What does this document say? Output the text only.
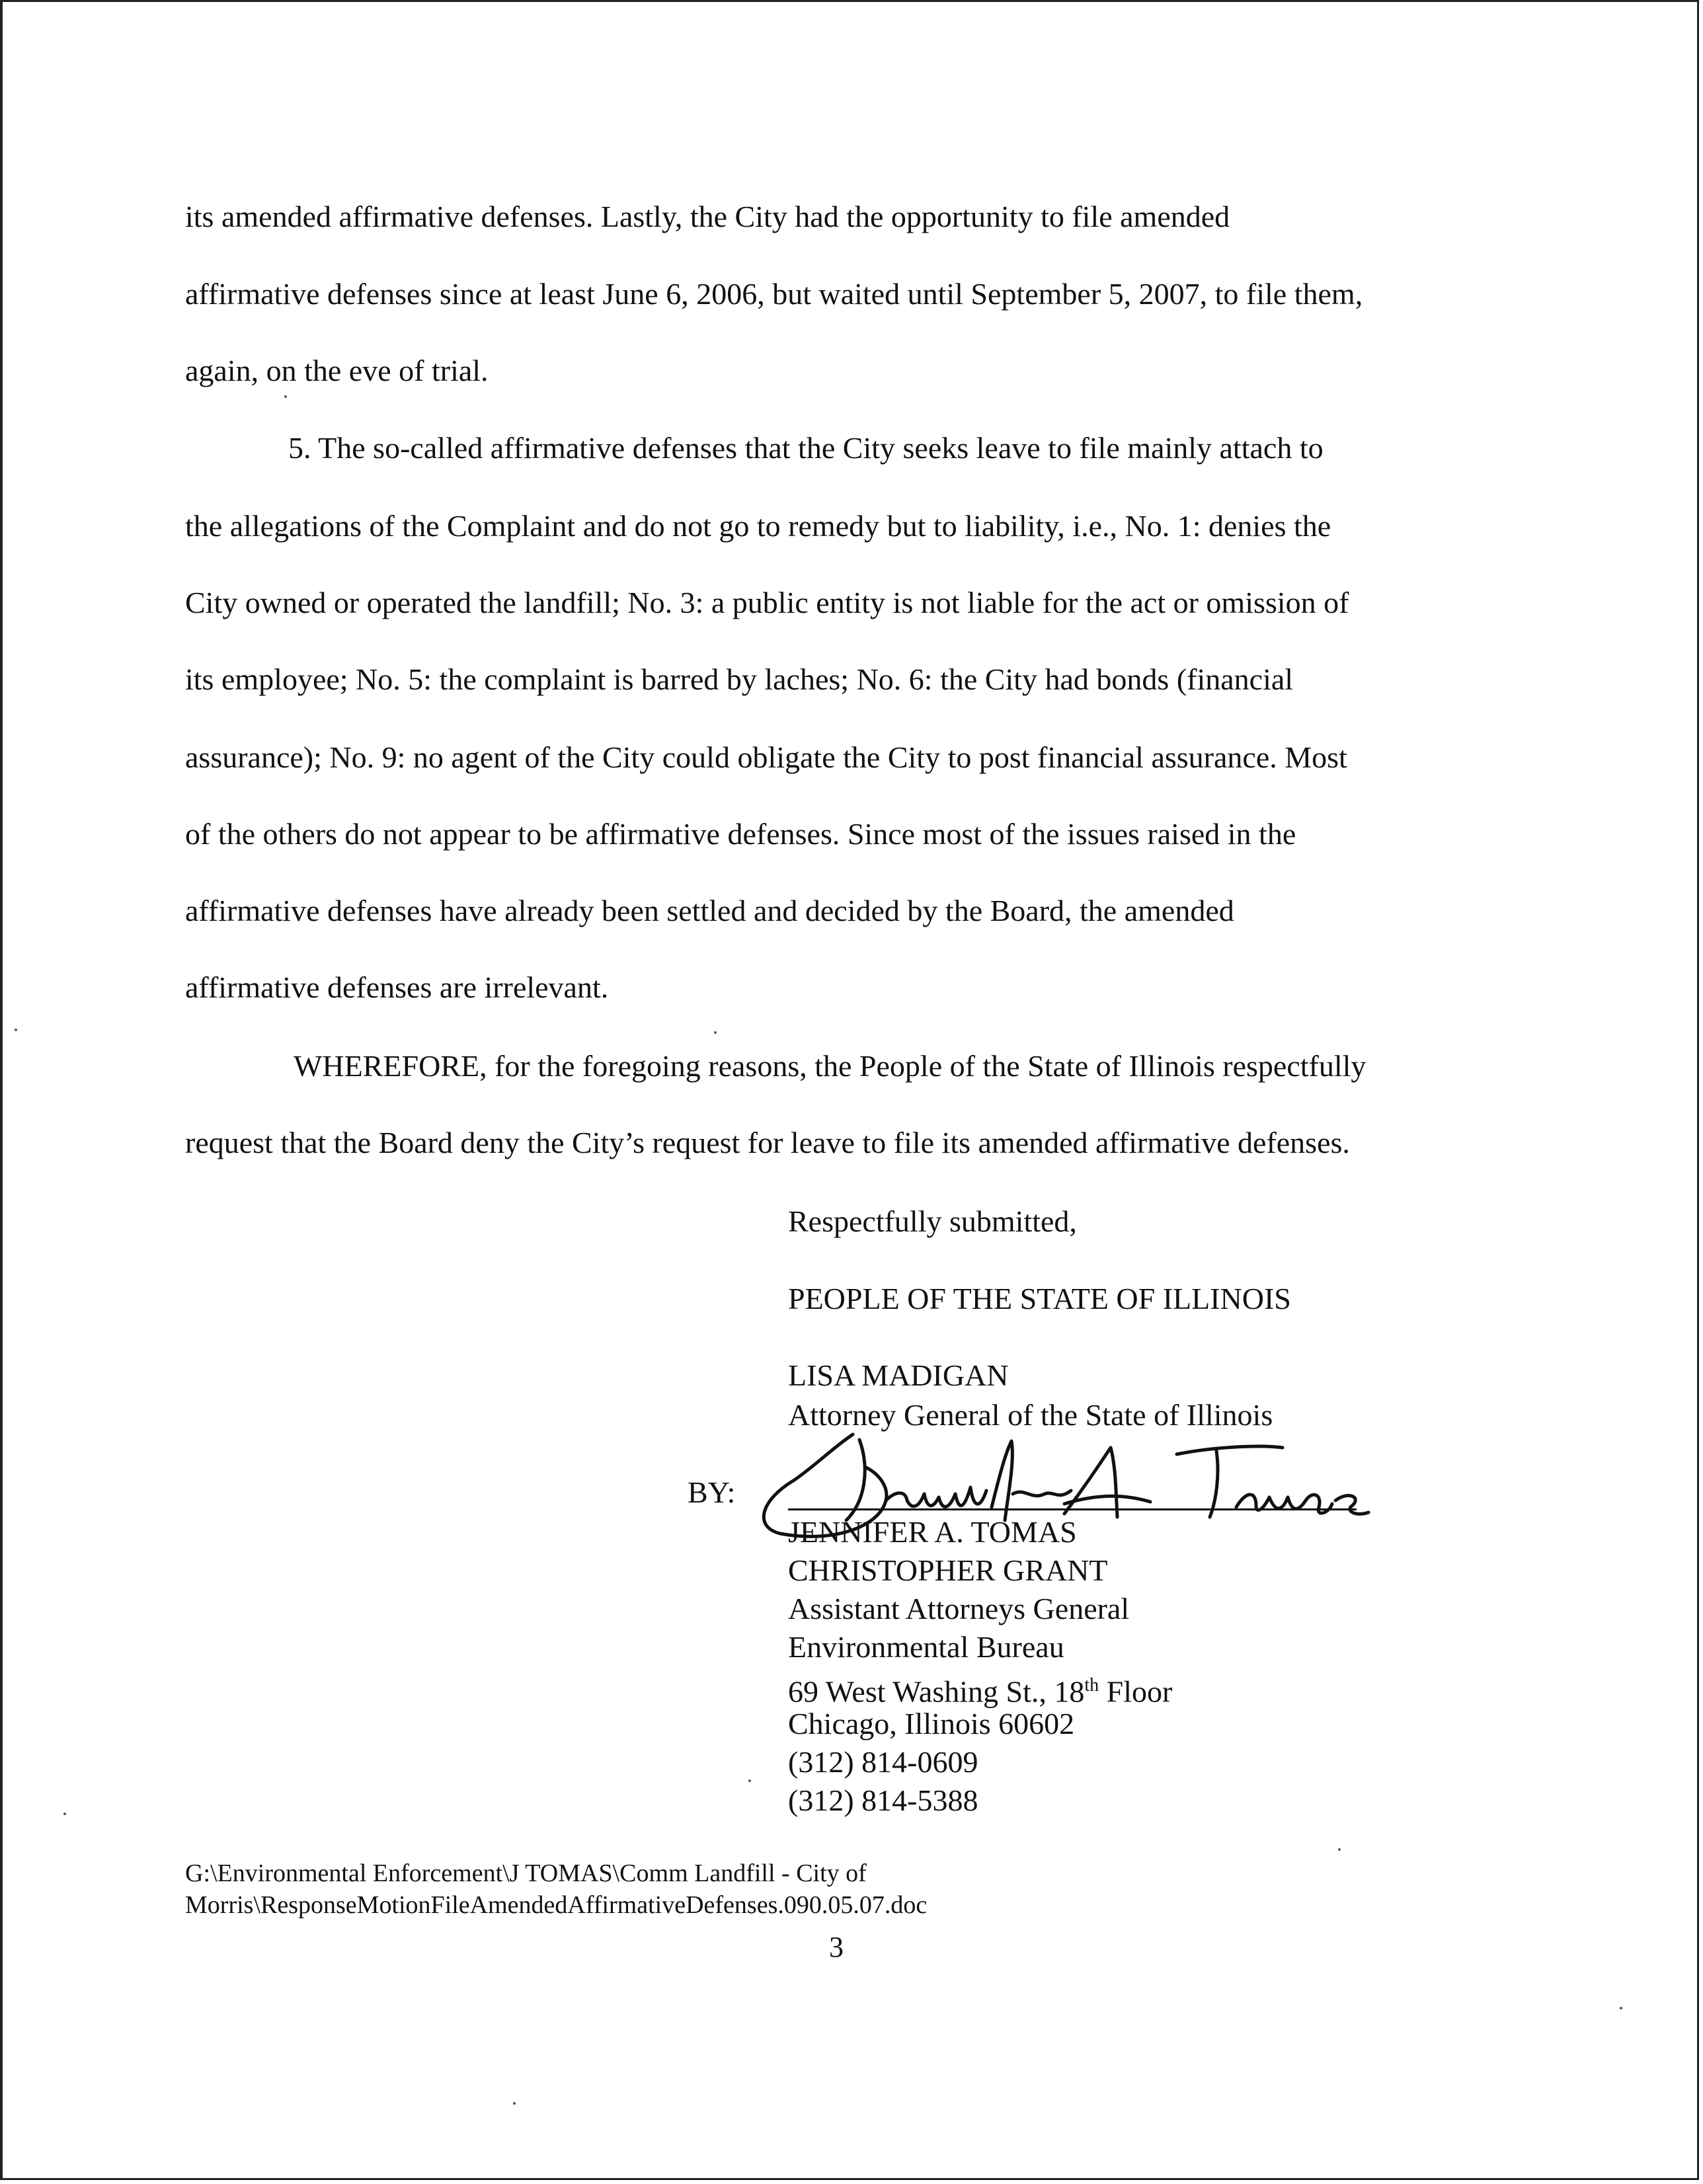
its amended affirmative defenses. Lastly, the City had the opportunity to file amended

affirmative defenses since at least June 6, 2006, but waited until September 5, 2007, to file them,

again, on the eve of trial.

5. The so-called affirmative defenses that the City seeks leave to file mainly attach to

the allegations of the Complaint and do not go to remedy but to liability, i.e., No. 1: denies the

City owned or operated the landfill; No. 3: a public entity is not liable for the act or omission of

its employee; No. 5: the complaint is barred by laches; No. 6: the City had bonds (financial

assurance); No. 9: no agent of the City could obligate the City to post financial assurance. Most

of the others do not appear to be affirmative defenses. Since most of the issues raised in the

affirmative defenses have already been settled and decided by the Board, the amended

affirmative defenses are irrelevant.

WHEREFORE, for the foregoing reasons, the People of the State of Illinois respectfully

request that the Board deny the City’s request for leave to file its amended affirmative defenses.

Respectfully submitted,

PEOPLE OF THE STATE OF ILLINOIS

LISA MADIGAN

Attorney General of the State of Illinois

BY:

JENNIFER A. TOMAS

CHRISTOPHER GRANT

Assistant Attorneys General

Environmental Bureau

69 West Washing St., 18th Floor

Chicago, Illinois 60602

(312) 814-0609

(312) 814-5388

G:\Environmental Enforcement\J TOMAS\Comm Landfill - City of

Morris\ResponseMotionFileAmendedAffirmativeDefenses.090.05.07.doc

3
